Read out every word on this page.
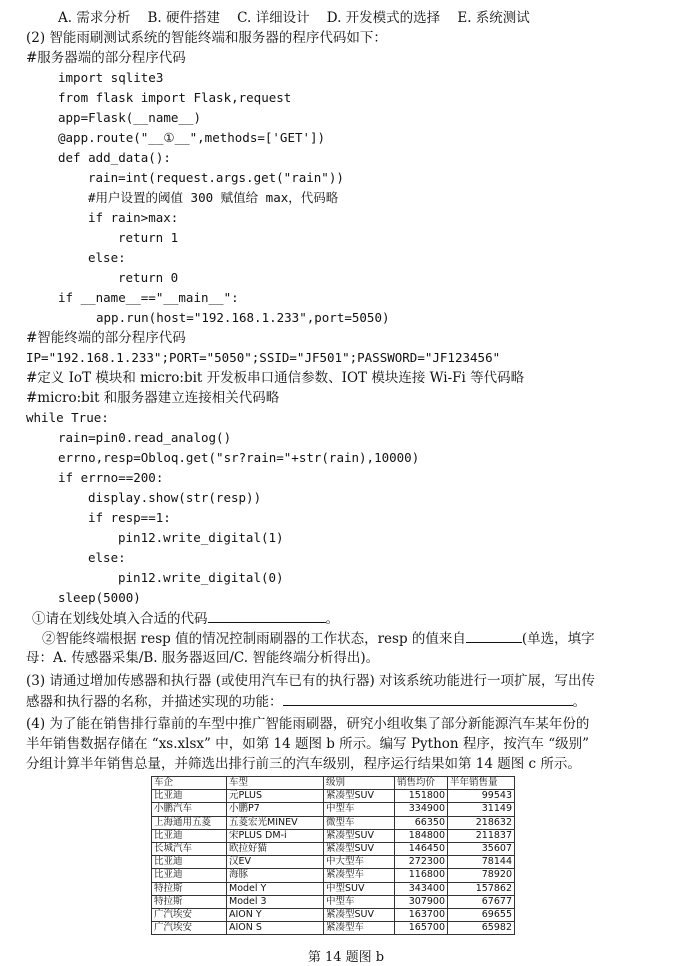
A. 需求分析    B. 硬件搭建    C. 详细设计    D. 开发模式的选择    E. 系统测试
(2) 智能雨刷测试系统的智能终端和服务器的程序代码如下：
#服务器端的部分程序代码
import sqlite3
from flask import Flask,request
app=Flask(__name__)
@app.route("__①__",methods=['GET'])
def add_data():
rain=int(request.args.get("rain"))
#用户设置的阈值 300 赋值给 max，代码略
if rain>max:
return 1
else:
return 0
if __name__=="__main__":
app.run(host="192.168.1.233",port=5050)
#智能终端的部分程序代码
IP="192.168.1.233";PORT="5050";SSID="JF501";PASSWORD="JF123456"
#定义 IoT 模块和 micro:bit 开发板串口通信参数、IOT 模块连接 Wi-Fi 等代码略
#micro:bit 和服务器建立连接相关代码略
while True:
rain=pin0.read_analog()
errno,resp=Obloq.get("sr?rain="+str(rain),10000)
if errno==200:
display.show(str(resp))
if resp==1:
pin12.write_digital(1)
else:
pin12.write_digital(0)
sleep(5000)
①请在划线处填入合适的代码	。
②智能终端根据 resp 值的情况控制雨刷器的工作状态，resp 的值来自	(单选，填字
母：A. 传感器采集/B. 服务器返回/C. 智能终端分析得出)。
(3) 请通过增加传感器和执行器 (或使用汽车已有的执行器) 对该系统功能进行一项扩展，写出传
感器和执行器的名称，并描述实现的功能：	。
(4) 为了能在销售排行靠前的车型中推广智能雨刷器，研究小组收集了部分新能源汽车某年份的
半年销售数据存储在 “xs.xlsx” 中，如第 14 题图 b 所示。编写 Python 程序，按汽车 “级别”
分组计算半年销售总量，并筛选出排行前三的汽车级别，程序运行结果如第 14 题图 c 所示。
车企	车型	级别	销售均价	半年销售量
比亚迪	元PLUS	紧凑型SUV	151800	99543
小鹏汽车	小鹏P7	中型车	334900	31149
上海通用五菱	五菱宏光MINEV	微型车	66350	218632
比亚迪	宋PLUS DM-i	紧凑型SUV	184800	211837
长城汽车	欧拉好猫	紧凑型SUV	146450	35607
比亚迪	汉EV	中大型车	272300	78144
比亚迪	海豚	紧凑型车	116800	78920
特拉斯	Model Y	中型SUV	343400	157862
特拉斯	Model 3	中型车	307900	67677
广汽埃安	AION Y	紧凑型SUV	163700	69655
广汽埃安	AION S	紧凑型车	165700	65982
第 14 题图 b
